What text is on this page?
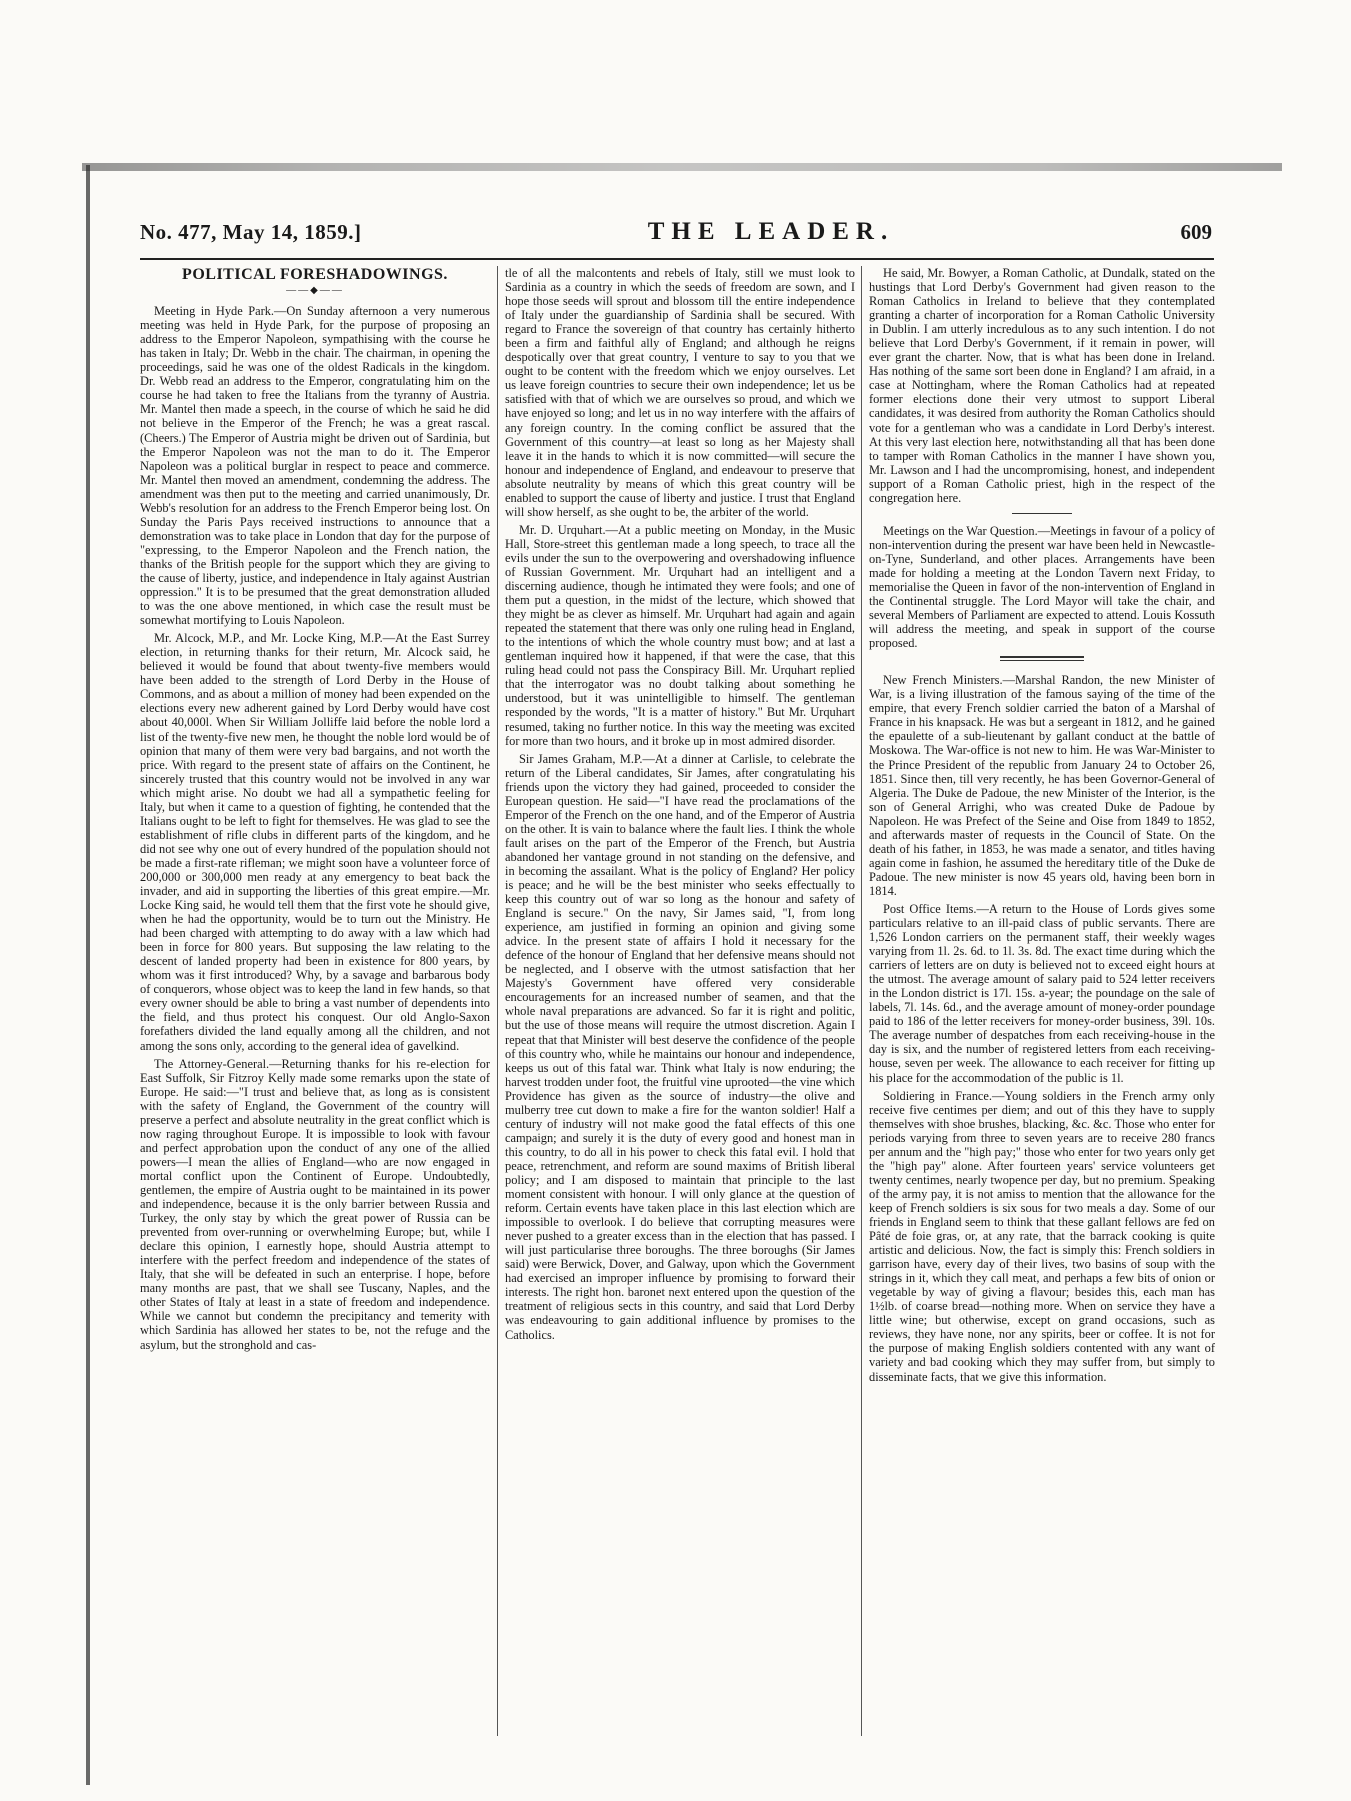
No. 477, May 14, 1859.]	THE LEADER.	609
POLITICAL FORESHADOWINGS.
——◆——

Meeting in Hyde Park.—On Sunday afternoon a very numerous meeting was held in Hyde Park, for the purpose of proposing an address to the Emperor Napoleon, sympathising with the course he has taken in Italy; Dr. Webb in the chair. The chairman, in opening the proceedings, said he was one of the oldest Radicals in the kingdom. Dr. Webb read an address to the Emperor, congratulating him on the course he had taken to free the Italians from the tyranny of Austria. Mr. Mantel then made a speech, in the course of which he said he did not believe in the Emperor of the French; he was a great rascal. (Cheers.) The Emperor of Austria might be driven out of Sardinia, but the Emperor Napoleon was not the man to do it. The Emperor Napoleon was a political burglar in respect to peace and commerce. Mr. Mantel then moved an amendment, condemning the address. The amendment was then put to the meeting and carried unanimously, Dr. Webb's resolution for an address to the French Emperor being lost. On Sunday the Paris Pays received instructions to announce that a demonstration was to take place in London that day for the purpose of "expressing, to the Emperor Napoleon and the French nation, the thanks of the British people for the support which they are giving to the cause of liberty, justice, and independence in Italy against Austrian oppression." It is to be presumed that the great demonstration alluded to was the one above mentioned, in which case the result must be somewhat mortifying to Louis Napoleon.

Mr. Alcock, M.P., and Mr. Locke King, M.P.—At the East Surrey election, in returning thanks for their return, Mr. Alcock said, he believed it would be found that about twenty-five members would have been added to the strength of Lord Derby in the House of Commons, and as about a million of money had been expended on the elections every new adherent gained by Lord Derby would have cost about 40,000l. When Sir William Jolliffe laid before the noble lord a list of the twenty-five new men, he thought the noble lord would be of opinion that many of them were very bad bargains, and not worth the price. With regard to the present state of affairs on the Continent, he sincerely trusted that this country would not be involved in any war which might arise. No doubt we had all a sympathetic feeling for Italy, but when it came to a question of fighting, he contended that the Italians ought to be left to fight for themselves. He was glad to see the establishment of rifle clubs in different parts of the kingdom, and he did not see why one out of every hundred of the population should not be made a first-rate rifleman; we might soon have a volunteer force of 200,000 or 300,000 men ready at any emergency to beat back the invader, and aid in supporting the liberties of this great empire.—Mr. Locke King said, he would tell them that the first vote he should give, when he had the opportunity, would be to turn out the Ministry. He had been charged with attempting to do away with a law which had been in force for 800 years. But supposing the law relating to the descent of landed property had been in existence for 800 years, by whom was it first introduced? Why, by a savage and barbarous body of conquerors, whose object was to keep the land in few hands, so that every owner should be able to bring a vast number of dependents into the field, and thus protect his conquest. Our old Anglo-Saxon forefathers divided the land equally among all the children, and not among the sons only, according to the general idea of gavelkind.

The Attorney-General.—Returning thanks for his re-election for East Suffolk, Sir Fitzroy Kelly made some remarks upon the state of Europe. He said:—"I trust and believe that, as long as is consistent with the safety of England, the Government of the country will preserve a perfect and absolute neutrality in the great conflict which is now raging throughout Europe. It is impossible to look with favour and perfect approbation upon the conduct of any one of the allied powers—I mean the allies of England—who are now engaged in mortal conflict upon the Continent of Europe. Undoubtedly, gentlemen, the empire of Austria ought to be maintained in its power and independence, because it is the only barrier between Russia and Turkey, the only stay by which the great power of Russia can be prevented from over-running or overwhelming Europe; but, while I declare this opinion, I earnestly hope, should Austria attempt to interfere with the perfect freedom and independence of the states of Italy, that she will be defeated in such an enterprise. I hope, before many months are past, that we shall see Tuscany, Naples, and the other States of Italy at least in a state of freedom and independence. While we cannot but condemn the precipitancy and temerity with which Sardinia has allowed her states to be, not the refuge and the asylum, but the stronghold and cas-

tle of all the malcontents and rebels of Italy, still we must look to Sardinia as a country in which the seeds of freedom are sown, and I hope those seeds will sprout and blossom till the entire independence of Italy under the guardianship of Sardinia shall be secured. With regard to France the sovereign of that country has certainly hitherto been a firm and faithful ally of England; and although he reigns despotically over that great country, I venture to say to you that we ought to be content with the freedom which we enjoy ourselves. Let us leave foreign countries to secure their own independence; let us be satisfied with that of which we are ourselves so proud, and which we have enjoyed so long; and let us in no way interfere with the affairs of any foreign country. In the coming conflict be assured that the Government of this country—at least so long as her Majesty shall leave it in the hands to which it is now committed—will secure the honour and independence of England, and endeavour to preserve that absolute neutrality by means of which this great country will be enabled to support the cause of liberty and justice. I trust that England will show herself, as she ought to be, the arbiter of the world.

Mr. D. Urquhart.—At a public meeting on Monday, in the Music Hall, Store-street this gentleman made a long speech, to trace all the evils under the sun to the overpowering and overshadowing influence of Russian Government. Mr. Urquhart had an intelligent and a discerning audience, though he intimated they were fools; and one of them put a question, in the midst of the lecture, which showed that they might be as clever as himself. Mr. Urquhart had again and again repeated the statement that there was only one ruling head in England, to the intentions of which the whole country must bow; and at last a gentleman inquired how it happened, if that were the case, that this ruling head could not pass the Conspiracy Bill. Mr. Urquhart replied that the interrogator was no doubt talking about something he understood, but it was unintelligible to himself. The gentleman responded by the words, "It is a matter of history." But Mr. Urquhart resumed, taking no further notice. In this way the meeting was excited for more than two hours, and it broke up in most admired disorder.

Sir James Graham, M.P.—At a dinner at Carlisle, to celebrate the return of the Liberal candidates, Sir James, after congratulating his friends upon the victory they had gained, proceeded to consider the European question. He said—"I have read the proclamations of the Emperor of the French on the one hand, and of the Emperor of Austria on the other. It is vain to balance where the fault lies. I think the whole fault arises on the part of the Emperor of the French, but Austria abandoned her vantage ground in not standing on the defensive, and in becoming the assailant. What is the policy of England? Her policy is peace; and he will be the best minister who seeks effectually to keep this country out of war so long as the honour and safety of England is secure." On the navy, Sir James said, "I, from long experience, am justified in forming an opinion and giving some advice. In the present state of affairs I hold it necessary for the defence of the honour of England that her defensive means should not be neglected, and I observe with the utmost satisfaction that her Majesty's Government have offered very considerable encouragements for an increased number of seamen, and that the whole naval preparations are advanced. So far it is right and politic, but the use of those means will require the utmost discretion. Again I repeat that that Minister will best deserve the confidence of the people of this country who, while he maintains our honour and independence, keeps us out of this fatal war. Think what Italy is now enduring; the harvest trodden under foot, the fruitful vine uprooted—the vine which Providence has given as the source of industry—the olive and mulberry tree cut down to make a fire for the wanton soldier! Half a century of industry will not make good the fatal effects of this one campaign; and surely it is the duty of every good and honest man in this country, to do all in his power to check this fatal evil. I hold that peace, retrenchment, and reform are sound maxims of British liberal policy; and I am disposed to maintain that principle to the last moment consistent with honour. I will only glance at the question of reform. Certain events have taken place in this last election which are impossible to overlook. I do believe that corrupting measures were never pushed to a greater excess than in the election that has passed. I will just particularise three boroughs. The three boroughs (Sir James said) were Berwick, Dover, and Galway, upon which the Government had exercised an improper influence by promising to forward their interests. The right hon. baronet next entered upon the question of the treatment of religious sects in this country, and said that Lord Derby was endeavouring to gain additional influence by promises to the Catholics.

He said, Mr. Bowyer, a Roman Catholic, at Dundalk, stated on the hustings that Lord Derby's Government had given reason to the Roman Catholics in Ireland to believe that they contemplated granting a charter of incorporation for a Roman Catholic University in Dublin. I am utterly incredulous as to any such intention. I do not believe that Lord Derby's Government, if it remain in power, will ever grant the charter. Now, that is what has been done in Ireland. Has nothing of the same sort been done in England? I am afraid, in a case at Nottingham, where the Roman Catholics had at repeated former elections done their very utmost to support Liberal candidates, it was desired from authority the Roman Catholics should vote for a gentleman who was a candidate in Lord Derby's interest. At this very last election here, notwithstanding all that has been done to tamper with Roman Catholics in the manner I have shown you, Mr. Lawson and I had the uncompromising, honest, and independent support of a Roman Catholic priest, high in the respect of the congregation here.

Meetings on the War Question.—Meetings in favour of a policy of non-intervention during the present war have been held in Newcastle-on-Tyne, Sunderland, and other places. Arrangements have been made for holding a meeting at the London Tavern next Friday, to memorialise the Queen in favor of the non-intervention of England in the Continental struggle. The Lord Mayor will take the chair, and several Members of Parliament are expected to attend. Louis Kossuth will address the meeting, and speak in support of the course proposed.

New French Ministers.—Marshal Randon, the new Minister of War, is a living illustration of the famous saying of the time of the empire, that every French soldier carried the baton of a Marshal of France in his knapsack. He was but a sergeant in 1812, and he gained the epaulette of a sub-lieutenant by gallant conduct at the battle of Moskowa. The War-office is not new to him. He was War-Minister to the Prince President of the republic from January 24 to October 26, 1851. Since then, till very recently, he has been Governor-General of Algeria. The Duke de Padoue, the new Minister of the Interior, is the son of General Arrighi, who was created Duke de Padoue by Napoleon. He was Prefect of the Seine and Oise from 1849 to 1852, and afterwards master of requests in the Council of State. On the death of his father, in 1853, he was made a senator, and titles having again come in fashion, he assumed the hereditary title of the Duke de Padoue. The new minister is now 45 years old, having been born in 1814.

Post Office Items.—A return to the House of Lords gives some particulars relative to an ill-paid class of public servants. There are 1,526 London carriers on the permanent staff, their weekly wages varying from 1l. 2s. 6d. to 1l. 3s. 8d. The exact time during which the carriers of letters are on duty is believed not to exceed eight hours at the utmost. The average amount of salary paid to 524 letter receivers in the London district is 17l. 15s. a-year; the poundage on the sale of labels, 7l. 14s. 6d., and the average amount of money-order poundage paid to 186 of the letter receivers for money-order business, 39l. 10s. The average number of despatches from each receiving-house in the day is six, and the number of registered letters from each receiving-house, seven per week. The allowance to each receiver for fitting up his place for the accommodation of the public is 1l.

Soldiering in France.—Young soldiers in the French army only receive five centimes per diem; and out of this they have to supply themselves with shoe brushes, blacking, &c. &c. Those who enter for periods varying from three to seven years are to receive 280 francs per annum and the "high pay;" those who enter for two years only get the "high pay" alone. After fourteen years' service volunteers get twenty centimes, nearly twopence per day, but no premium. Speaking of the army pay, it is not amiss to mention that the allowance for the keep of French soldiers is six sous for two meals a day. Some of our friends in England seem to think that these gallant fellows are fed on Pâté de foie gras, or, at any rate, that the barrack cooking is quite artistic and delicious. Now, the fact is simply this: French soldiers in garrison have, every day of their lives, two basins of soup with the strings in it, which they call meat, and perhaps a few bits of onion or vegetable by way of giving a flavour; besides this, each man has 1½lb. of coarse bread—nothing more. When on service they have a little wine; but otherwise, except on grand occasions, such as reviews, they have none, nor any spirits, beer or coffee. It is not for the purpose of making English soldiers contented with any want of variety and bad cooking which they may suffer from, but simply to disseminate facts, that we give this information.
